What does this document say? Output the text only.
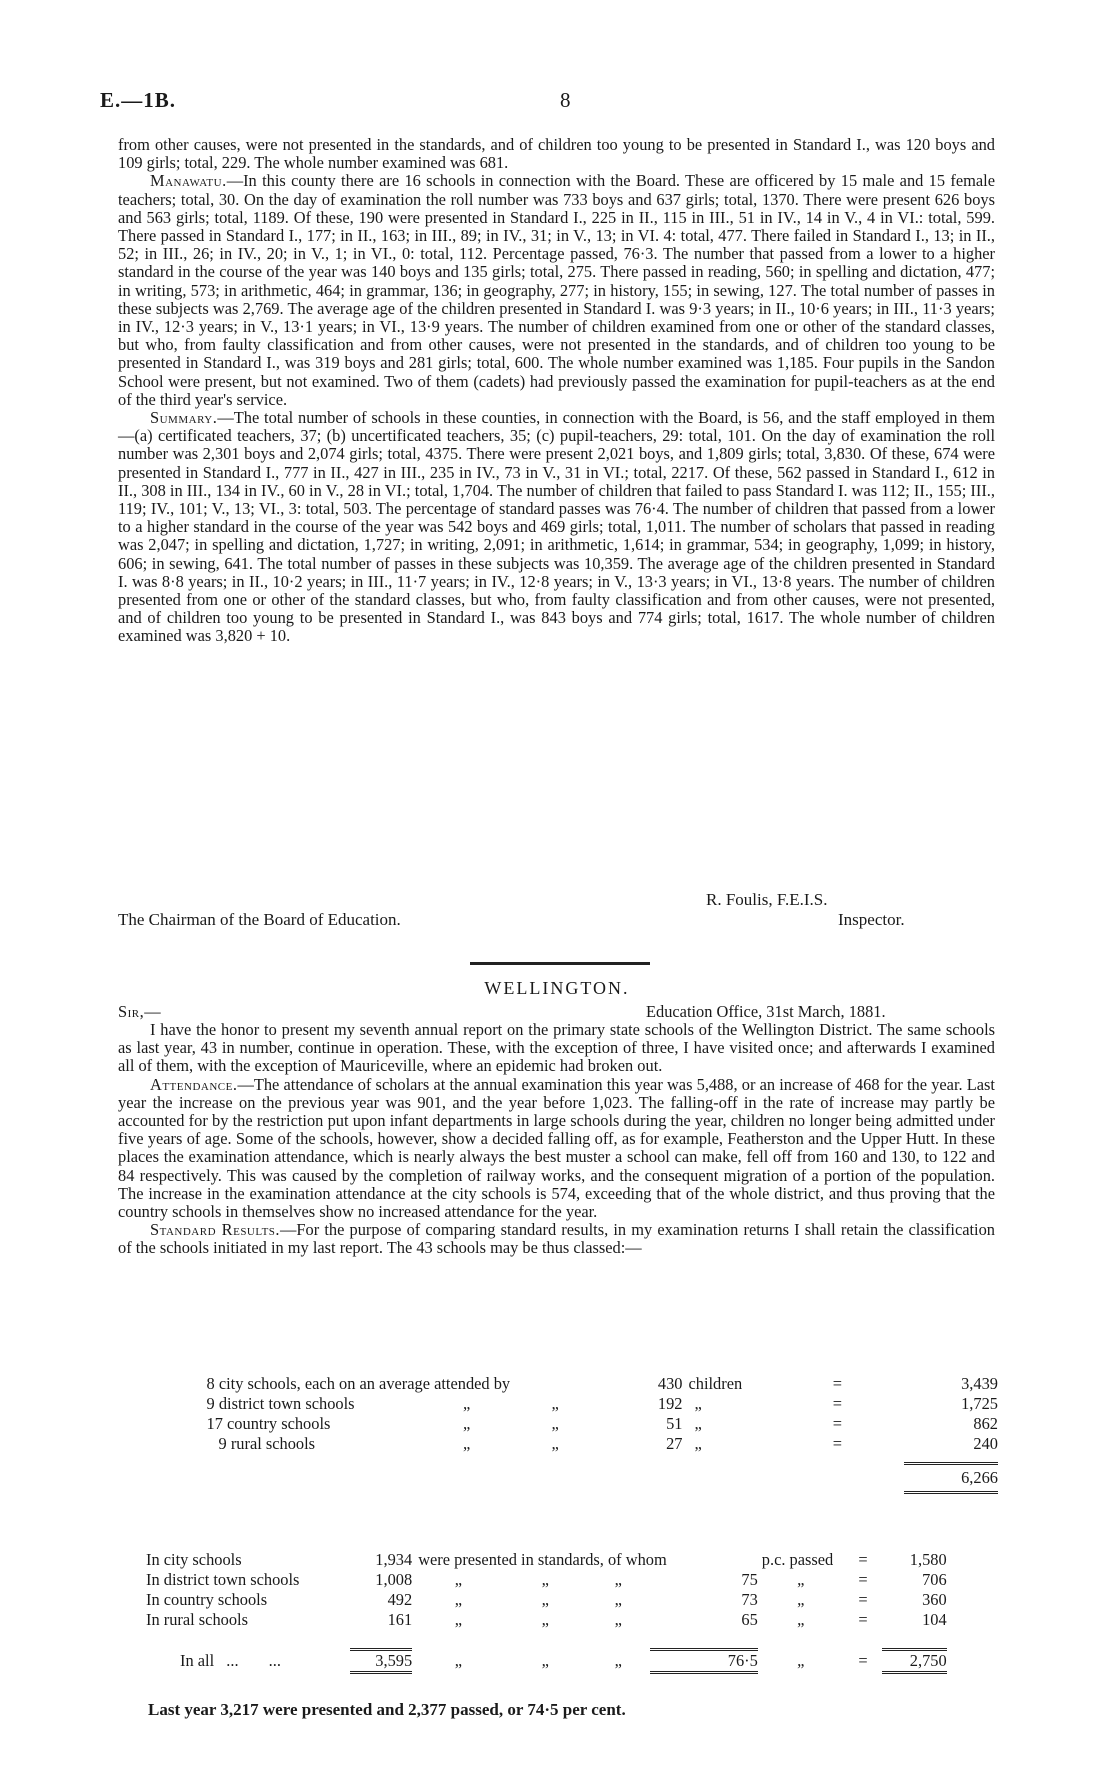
E.—1B.	8

from other causes, were not presented in the standards, and of children too young to be presented in Standard I., was 120 boys and 109 girls; total, 229. The whole number examined was 681.

Manawatu.—In this county there are 16 schools in connection with the Board. These are officered by 15 male and 15 female teachers; total, 30. On the day of examination the roll number was 733 boys and 637 girls; total, 1370. There were present 626 boys and 563 girls; total, 1189. Of these, 190 were presented in Standard I., 225 in II., 115 in III., 51 in IV., 14 in V., 4 in VI.: total, 599. There passed in Standard I., 177; in II., 163; in III., 89; in IV., 31; in V., 13; in VI. 4: total, 477. There failed in Standard I., 13; in II., 52; in III., 26; in IV., 20; in V., 1; in VI., 0: total, 112. Percentage passed, 76·3. The number that passed from a lower to a higher standard in the course of the year was 140 boys and 135 girls; total, 275. There passed in reading, 560; in spelling and dictation, 477; in writing, 573; in arithmetic, 464; in grammar, 136; in geography, 277; in history, 155; in sewing, 127. The total number of passes in these subjects was 2,769. The average age of the children presented in Standard I. was 9·3 years; in II., 10·6 years; in III., 11·3 years; in IV., 12·3 years; in V., 13·1 years; in VI., 13·9 years. The number of children examined from one or other of the standard classes, but who, from faulty classification and from other causes, were not presented in the standards, and of children too young to be presented in Standard I., was 319 boys and 281 girls; total, 600. The whole number examined was 1,185. Four pupils in the Sandon School were present, but not examined. Two of them (cadets) had previously passed the examination for pupil-teachers as at the end of the third year's service.

Summary.—The total number of schools in these counties, in connection with the Board, is 56, and the staff employed in them—(a) certificated teachers, 37; (b) uncertificated teachers, 35; (c) pupil-teachers, 29: total, 101. On the day of examination the roll number was 2,301 boys and 2,074 girls; total, 4375. There were present 2,021 boys, and 1,809 girls; total, 3,830. Of these, 674 were presented in Standard I., 777 in II., 427 in III., 235 in IV., 73 in V., 31 in VI.; total, 2217. Of these, 562 passed in Standard I., 612 in II., 308 in III., 134 in IV., 60 in V., 28 in VI.; total, 1,704. The number of children that failed to pass Standard I. was 112; II., 155; III., 119; IV., 101; V., 13; VI., 3: total, 503. The percentage of standard passes was 76·4. The number of children that passed from a lower to a higher standard in the course of the year was 542 boys and 469 girls; total, 1,011. The number of scholars that passed in reading was 2,047; in spelling and dictation, 1,727; in writing, 2,091; in arithmetic, 1,614; in grammar, 534; in geography, 1,099; in history, 606; in sewing, 641. The total number of passes in these subjects was 10,359. The average age of the children presented in Standard I. was 8·8 years; in II., 10·2 years; in III., 11·7 years; in IV., 12·8 years; in V., 13·3 years; in VI., 13·8 years. The number of children presented from one or other of the standard classes, but who, from faulty classification and from other causes, were not presented, and of children too young to be presented in Standard I., was 843 boys and 774 girls; total, 1617. The whole number of children examined was 3,820 + 10.

R. Foulis, F.E.I.S.
The Chairman of the Board of Education.	Inspector.
WELLINGTON.
Sir,—	Education Office, 31st March, 1881.

I have the honor to present my seventh annual report on the primary state schools of the Wellington District. The same schools as last year, 43 in number, continue in operation. These, with the exception of three, I have visited once; and afterwards I examined all of them, with the exception of Mauriceville, where an epidemic had broken out.

Attendance.—The attendance of scholars at the annual examination this year was 5,488, or an increase of 468 for the year. Last year the increase on the previous year was 901, and the year before 1,023. The falling-off in the rate of increase may partly be accounted for by the restriction put upon infant departments in large schools during the year, children no longer being admitted under five years of age. Some of the schools, however, show a decided falling off, as for example, Featherston and the Upper Hutt. In these places the examination attendance, which is nearly always the best muster a school can make, fell off from 160 and 130, to 122 and 84 respectively. This was caused by the completion of railway works, and the consequent migration of a portion of the population. The increase in the examination attendance at the city schools is 574, exceeding that of the whole district, and thus proving that the country schools in themselves show no increased attendance for the year.

Standard Results.—For the purpose of comparing standard results, in my examination returns I shall retain the classification of the schools initiated in my last report. The 43 schools may be thus classed:—

	8 city schools, each on an average attended by			430	children	=	3,439
	9 district town schools	„	„	192	„	=	1,725
	17 country schools	„	„	51	„	=	862
	9 rural schools	„	„	27	„	=	240

							6,266
In city schools	1,934	were presented in standards, of whom				p.c. passed	=	1,580	
In district town schools	1,008	„	„	„	75	„	=	706	
In country schools	492	„	„	„	73	„	=	360	
In rural schools	161	„	„	„	65	„	=	104	

In all ... ...	3,595	„	„	„	76·5	„	=	2,750	
Last year 3,217 were presented and 2,377 passed, or 74·5 per cent.
